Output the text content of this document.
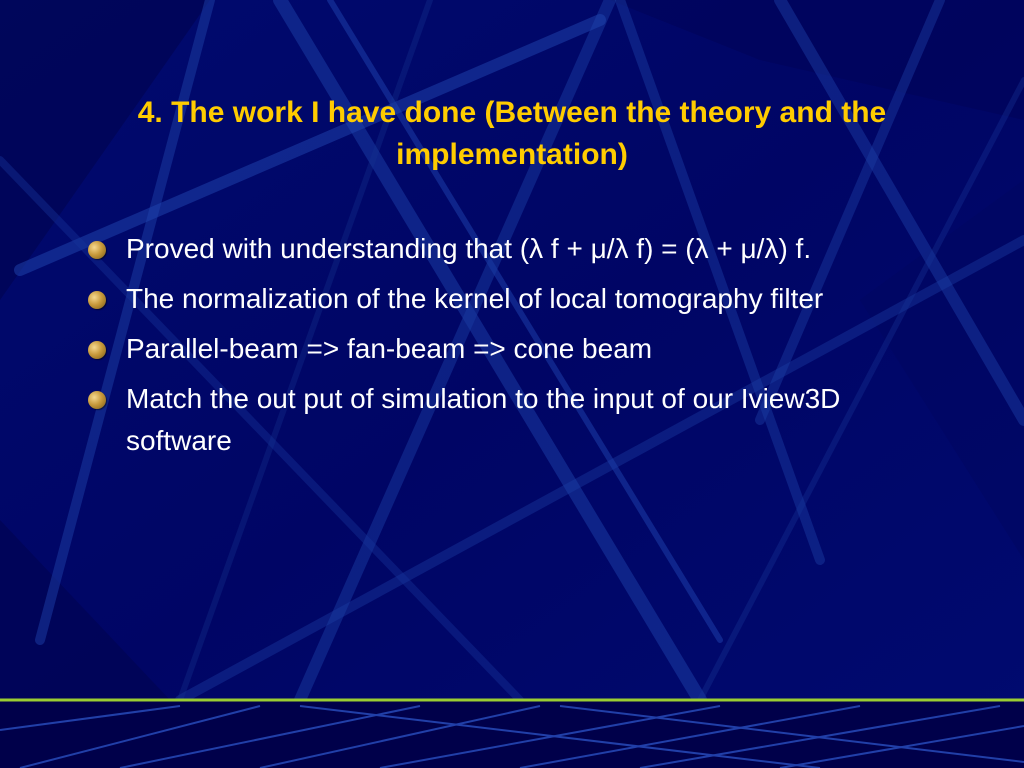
4. The work I have done (Between the theory and the implementation)
Proved with understanding that (λ f + μ/λ f) = (λ + μ/λ) f.
The normalization of the kernel of local tomography filter
Parallel-beam => fan-beam => cone beam
Match the out put of simulation to the input of our Iview3D software
